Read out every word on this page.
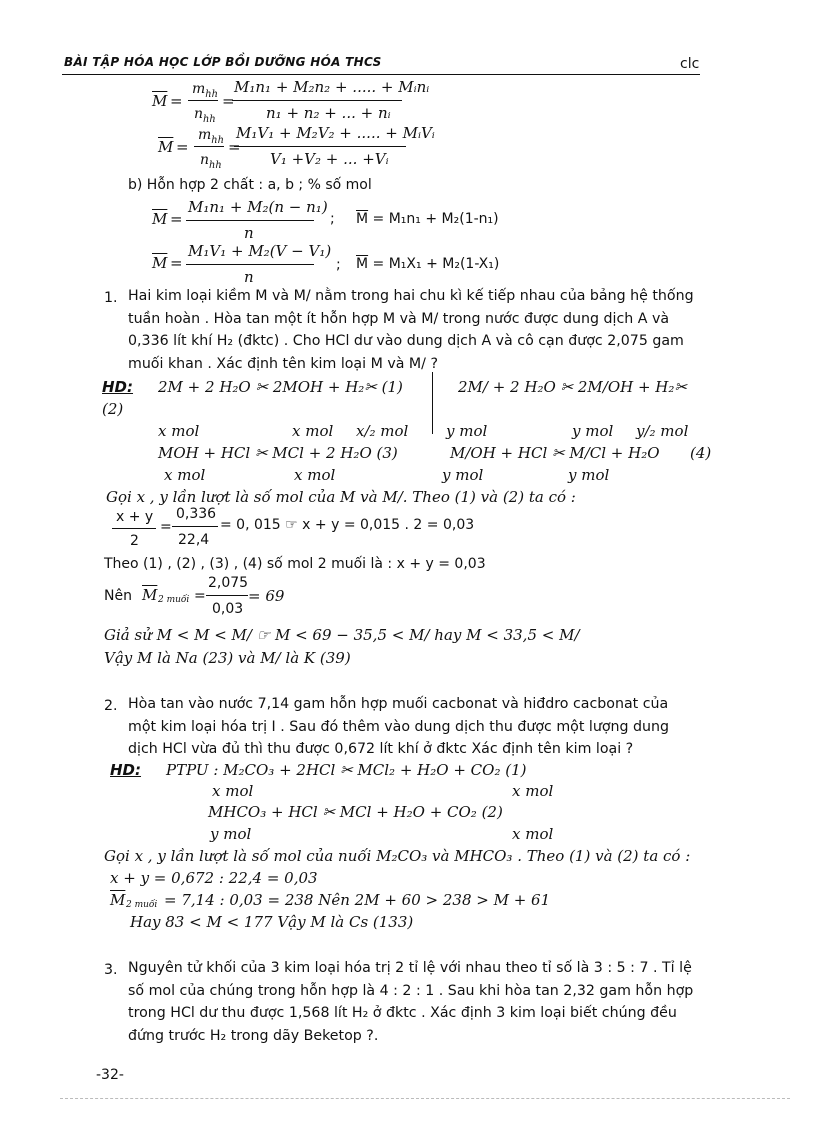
BÀI TẬP HÓA HỌC LỚP BỒI DƯỠNG HÓA THCS	clc
$\overline{M}$ =
$m_{hh}$
$n_{hh}$
=
M₁n₁ + M₂n₂ + ..... + Mᵢnᵢ
n₁ + n₂ + ... + nᵢ
$\overline{M}$ =
$m_{hh}$
$n_{hh}$
=
M₁V₁ + M₂V₂ + ..... + MᵢVᵢ
V₁ +V₂ + ... +Vᵢ
b) Hỗn hợp 2 chất : a, b ; % số mol
$\overline{M}$ =
M₁n₁ + M₂(n − n₁)
n
; $\overline{M} = M_1n_1 + M_2(1-n_1)$
$\overline{M}$ =
M₁V₁ + M₂(V − V₁)
n
; $\overline{M} = M_1X_1 + M_2(1-X_1)$
1. Hai kim loại kiềm M và M/ nằm trong hai chu kì kế tiếp nhau của bảng hệ thống tuần hoàn . Hòa tan một ít hỗn hợp M và M/ trong nước được dung dịch A và 0,336 lít khí H₂ (đktc) . Cho HCl dư vào dung dịch A và cô cạn được 2,075 gam muối khan . Xác định tên kim loại M và M/ ?
HD: 2M + 2 H₂O ✂ 2MOH + H₂✂ (1)	2M/ + 2 H₂O ✂ 2M/OH + H₂✂
(2)
x mol	x mol x/₂ mol	y mol	y mol y/₂ mol
MOH + HCl ✂ MCl + 2 H₂O (3)	M/OH + HCl ✂ M/Cl + H₂O (4)
x mol	x mol	y mol	y mol
Gọi x , y lần lượt là số mol của M và M/. Theo (1) và (2) ta có :
x + y
2
=
0,336
22,4
= 0, 015 ☞ x + y = 0,015 . 2 = 0,03
Theo (1) , (2) , (3) , (4) số mol 2 muối là : x + y = 0,03
Nên $\overline{M}$ 2 muối =
2,075
0,03
= 69
Giả sử M < M < M/ ☞ M < 69 − 35,5 < M/ hay M < 33,5 < M/
Vậy M là Na (23) và M/ là K (39)
2. Hòa tan vào nước 7,14 gam hỗn hợp muối cacbonat và hiđdro cacbonat của một kim loại hóa trị I . Sau đó thêm vào dung dịch thu được một lượng dung dịch HCl vừa đủ thì thu được 0,672 lít khí ở đktc Xác định tên kim loại ?
HD: PTPU : M₂CO₃ + 2HCl ✂ MCl₂ + H₂O + CO₂ (1)
x mol	x mol
MHCO₃ + HCl ✂ MCl + H₂O + CO₂ (2)
y mol	x mol
Gọi x , y lần lượt là số mol của nuối M₂CO₃ và MHCO₃ . Theo (1) và (2) ta có :
x + y = 0,672 : 22,4 = 0,03
$\overline{M}$ 2 muối = 7,14 : 0,03 = 238 Nên 2M + 60 > 238 > M + 61
Hay 83 < M < 177 Vậy M là Cs (133)
3. Nguyên tử khối của 3 kim loại hóa trị 2 tỉ lệ với nhau theo tỉ số là 3 : 5 : 7 . Tỉ lệ số mol của chúng trong hỗn hợp là 4 : 2 : 1 . Sau khi hòa tan 2,32 gam hỗn hợp trong HCl dư thu được 1,568 lít H₂ ở đktc . Xác định 3 kim loại biết chúng đều đứng trước H₂ trong dãy Beketop ?.
-32-
